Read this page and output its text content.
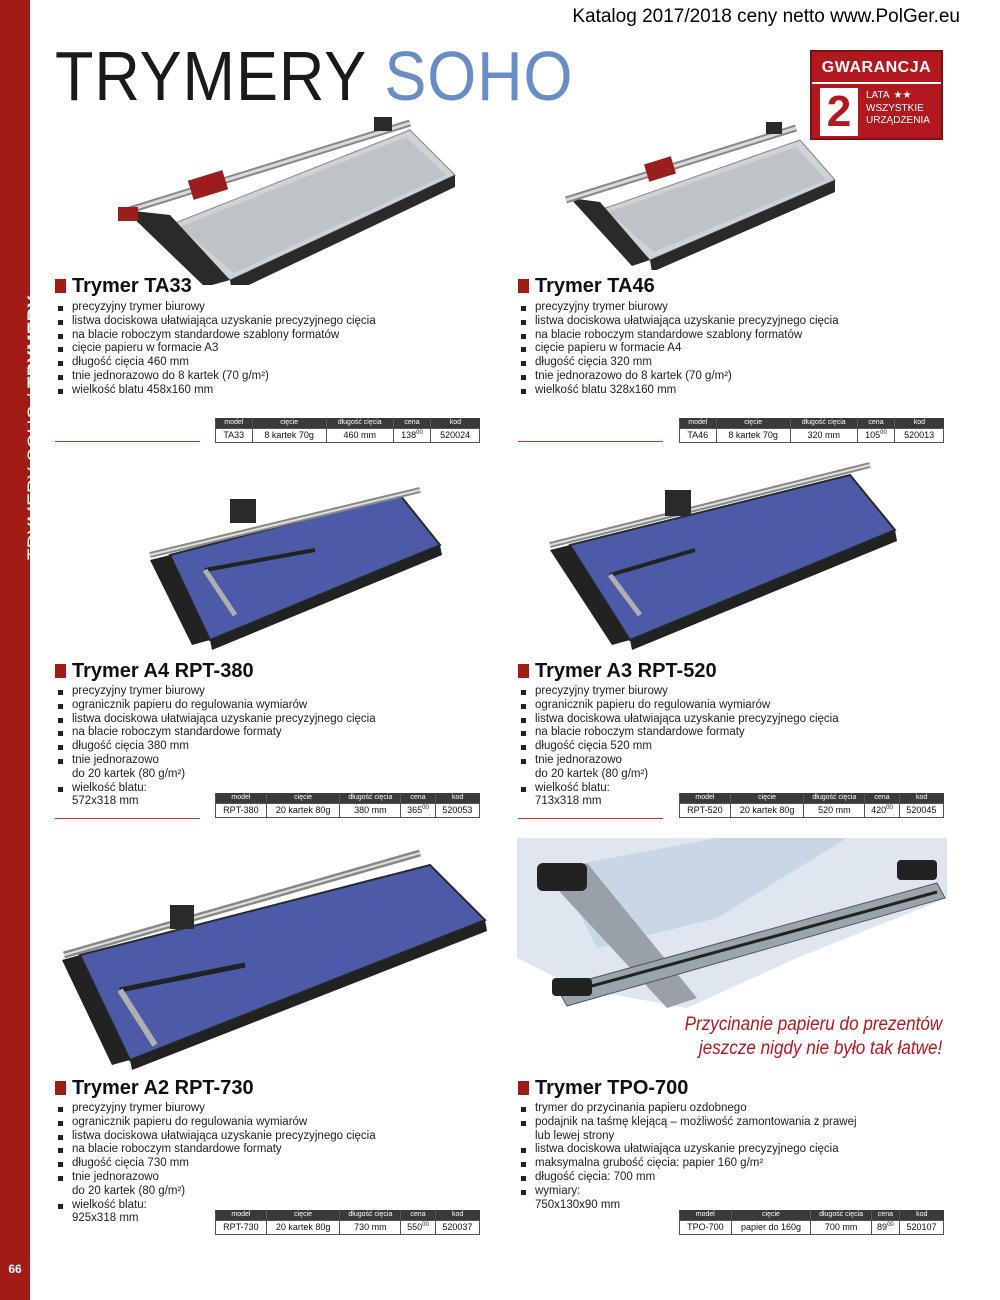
TRYMERY SOHO / TRYMERY
66
Katalog 2017/2018 ceny netto www.PolGer.eu
TRYMERY SOHO	GWARANCJA
2	LATA ★★
WSZYSTKIE
URZĄDZENIA
Trymer TA33
precyzyjny trymer biurowy
listwa dociskowa ułatwiająca uzyskanie precyzyjnego cięcia
na blacie roboczym standardowe szablony formatów
cięcie papieru w formacie A3
długość cięcia 460 mm
tnie jednorazowo do 8 kartek (70 g/m²)
wielkość blatu 458x160 mm
model	cięcie	długość cięcia	cena	kod
TA33	8 kartek 70g	460 mm	$138^{00}$	520024
Trymer TA46
precyzyjny trymer biurowy
listwa dociskowa ułatwiająca uzyskanie precyzyjnego cięcia
na blacie roboczym standardowe szablony formatów
cięcie papieru w formacie A4
długość cięcia 320 mm
tnie jednorazowo do 8 kartek (70 g/m²)
wielkość blatu 328x160 mm
model	cięcie	długość cięcia	cena	kod
TA46	8 kartek 70g	320 mm	$105^{00}$	520013
Trymer A4 RPT-380
precyzyjny trymer biurowy
ogranicznik papieru do regulowania wymiarów
listwa dociskowa ułatwiająca uzyskanie precyzyjnego cięcia
na blacie roboczym standardowe formaty
długość cięcia 380 mm
tnie jednorazowo
do 20 kartek (80 g/m²)
wielkość blatu:
572x318 mm	model	cięcie	długość cięcia	cena	kod
RPT-380	20 kartek 80g	380 mm	$365^{00}$	520053
Trymer A3 RPT-520
precyzyjny trymer biurowy
ogranicznik papieru do regulowania wymiarów
listwa dociskowa ułatwiająca uzyskanie precyzyjnego cięcia
na blacie roboczym standardowe formaty
długość cięcia 520 mm
tnie jednorazowo
do 20 kartek (80 g/m²)
wielkość blatu:
713x318 mm	model	cięcie	długość cięcia	cena	kod
RPT-520	20 kartek 80g	520 mm	$420^{00}$	520045
Trymer A2 RPT-730
precyzyjny trymer biurowy
ogranicznik papieru do regulowania wymiarów
listwa dociskowa ułatwiająca uzyskanie precyzyjnego cięcia
na blacie roboczym standardowe formaty
długość cięcia 730 mm
tnie jednorazowo
do 20 kartek (80 g/m²)
wielkość blatu:
925x318 mm	model	cięcie	długość cięcia	cena	kod
RPT-730	20 kartek 80g	730 mm	$550^{00}$	520037
Przycinanie papieru do prezentów
jeszcze nigdy nie było tak łatwe!
Trymer TPO-700
trymer do przycinania papieru ozdobnego
podajnik na taśmę klejącą – możliwość zamontowania z prawej
lub lewej strony
listwa dociskowa ułatwiająca uzyskanie precyzyjnego cięcia
maksymalna grubość cięcia: papier 160 g/m²
długość cięcia: 700 mm
wymiary:
750x130x90 mm
model	cięcie	długość cięcia	cena	kod
TPO-700	papier do 160g	700 mm	$89^{00}$	520107
